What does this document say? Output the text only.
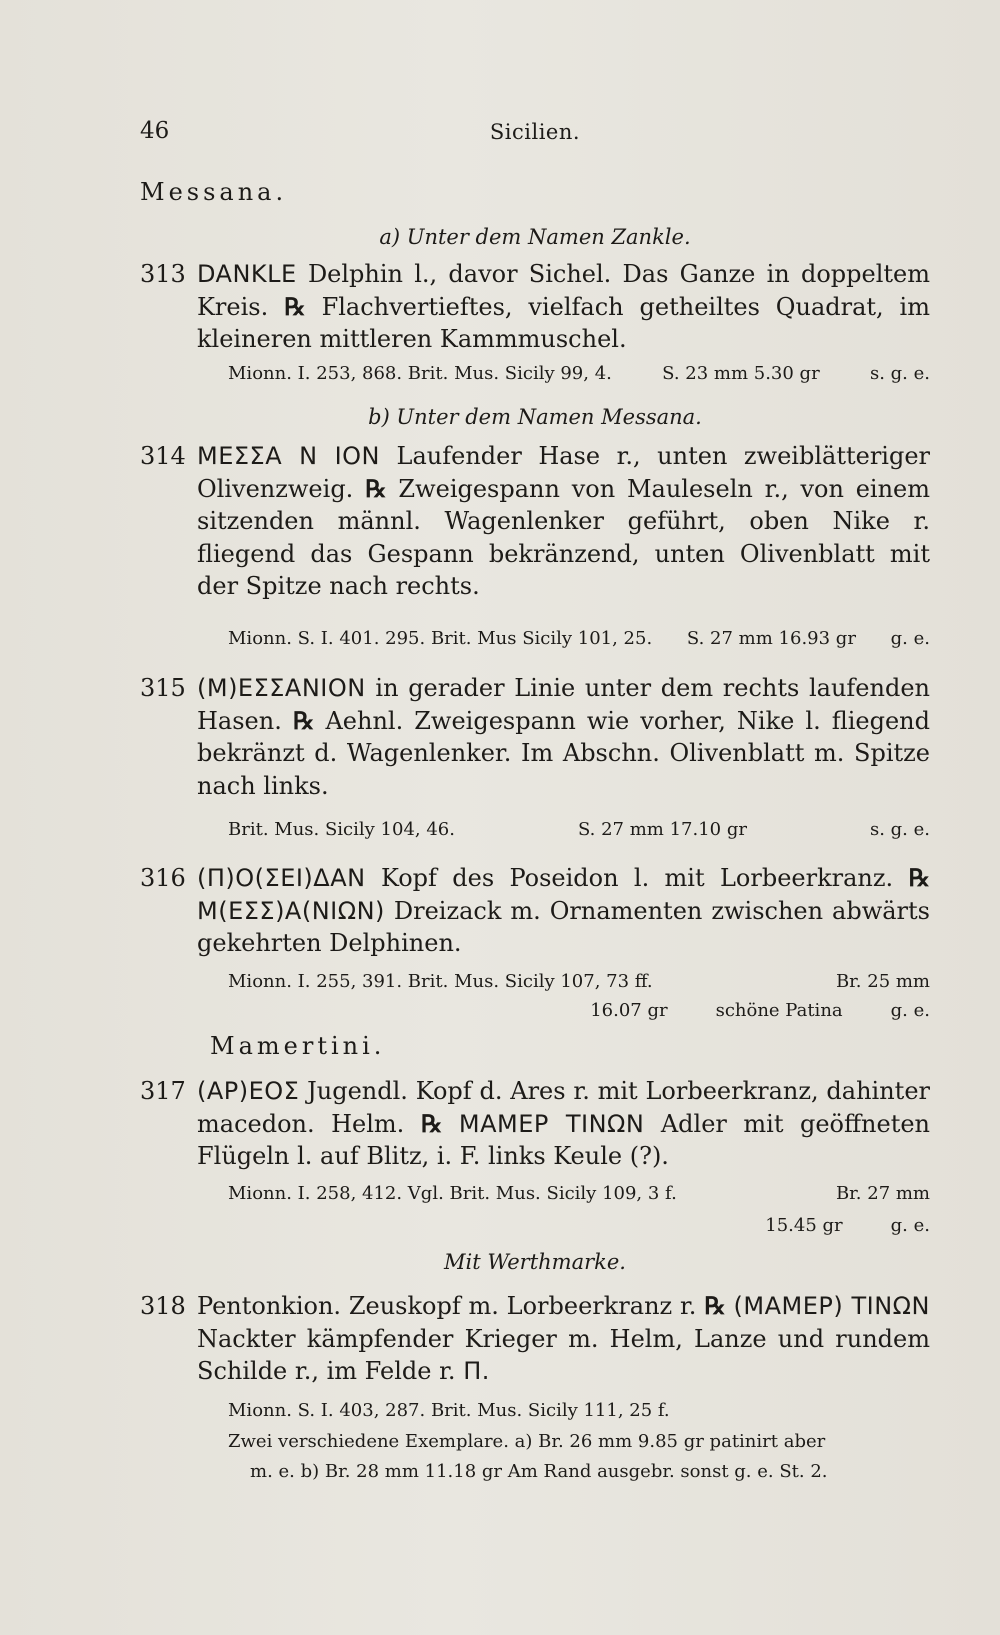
46	Sicilien.

Messana.

a) Unter dem Namen Zankle.

313 DANKLE Delphin l., davor Sichel. Das Ganze in doppeltem Kreis. ℞ Flachvertieftes, vielfach getheiltes Quadrat, im kleineren mittleren Kammmuschel.

Mionn. I. 253, 868. Brit. Mus. Sicily 99, 4.	S. 23 mm 5.30 gr	s. g. e.

b) Unter dem Namen Messana.

314 ΜΕΣΣΑ Ν ΙΟΝ Laufender Hase r., unten zweiblätteriger Olivenzweig. ℞ Zweigespann von Mauleseln r., von einem sitzenden männl. Wagenlenker geführt, oben Nike r. fliegend das Gespann bekränzend, unten Olivenblatt mit der Spitze nach rechts.

Mionn. S. I. 401. 295. Brit. Mus Sicily 101, 25. S. 27 mm 16.93 gr g. e.

315 (Μ)ΕΣΣΑΝΙΟΝ in gerader Linie unter dem rechts laufenden Hasen. ℞ Aehnl. Zweigespann wie vorher, Nike l. fliegend bekränzt d. Wagenlenker. Im Abschn. Olivenblatt m. Spitze nach links.

Brit. Mus. Sicily 104, 46.	S. 27 mm 17.10 gr	s. g. e.

316 (Π)Ο(ΣΕΙ)ΔΑΝ Kopf des Poseidon l. mit Lorbeerkranz. ℞ Μ(ΕΣΣ)Α(ΝΙΩΝ) Dreizack m. Ornamenten zwischen abwärts gekehrten Delphinen.

Mionn. I. 255, 391. Brit. Mus. Sicily 107, 73 ff.	Br. 25 mm

16.07 gr	schöne Patina	g. e.

Mamertini.

317 (ΑΡ)ΕΟΣ Jugendl. Kopf d. Ares r. mit Lorbeerkranz, dahinter macedon. Helm. ℞ ΜΑΜΕΡ ΤΙΝΩΝ Adler mit geöffneten Flügeln l. auf Blitz, i. F. links Keule (?).

Mionn. I. 258, 412. Vgl. Brit. Mus. Sicily 109, 3 f.	Br. 27 mm

15.45 gr	g. e.

Mit Werthmarke.

318 Pentonkion. Zeuskopf m. Lorbeerkranz r. ℞ (ΜΑΜΕΡ) ΤΙΝΩΝ Nackter kämpfender Krieger m. Helm, Lanze und rundem Schilde r., im Felde r. Π.

Mionn. S. I. 403, 287. Brit. Mus. Sicily 111, 25 f.

Zwei verschiedene Exemplare. a) Br. 26 mm 9.85 gr patinirt aber

m. e. b) Br. 28 mm 11.18 gr Am Rand ausgebr. sonst g. e. St. 2.
